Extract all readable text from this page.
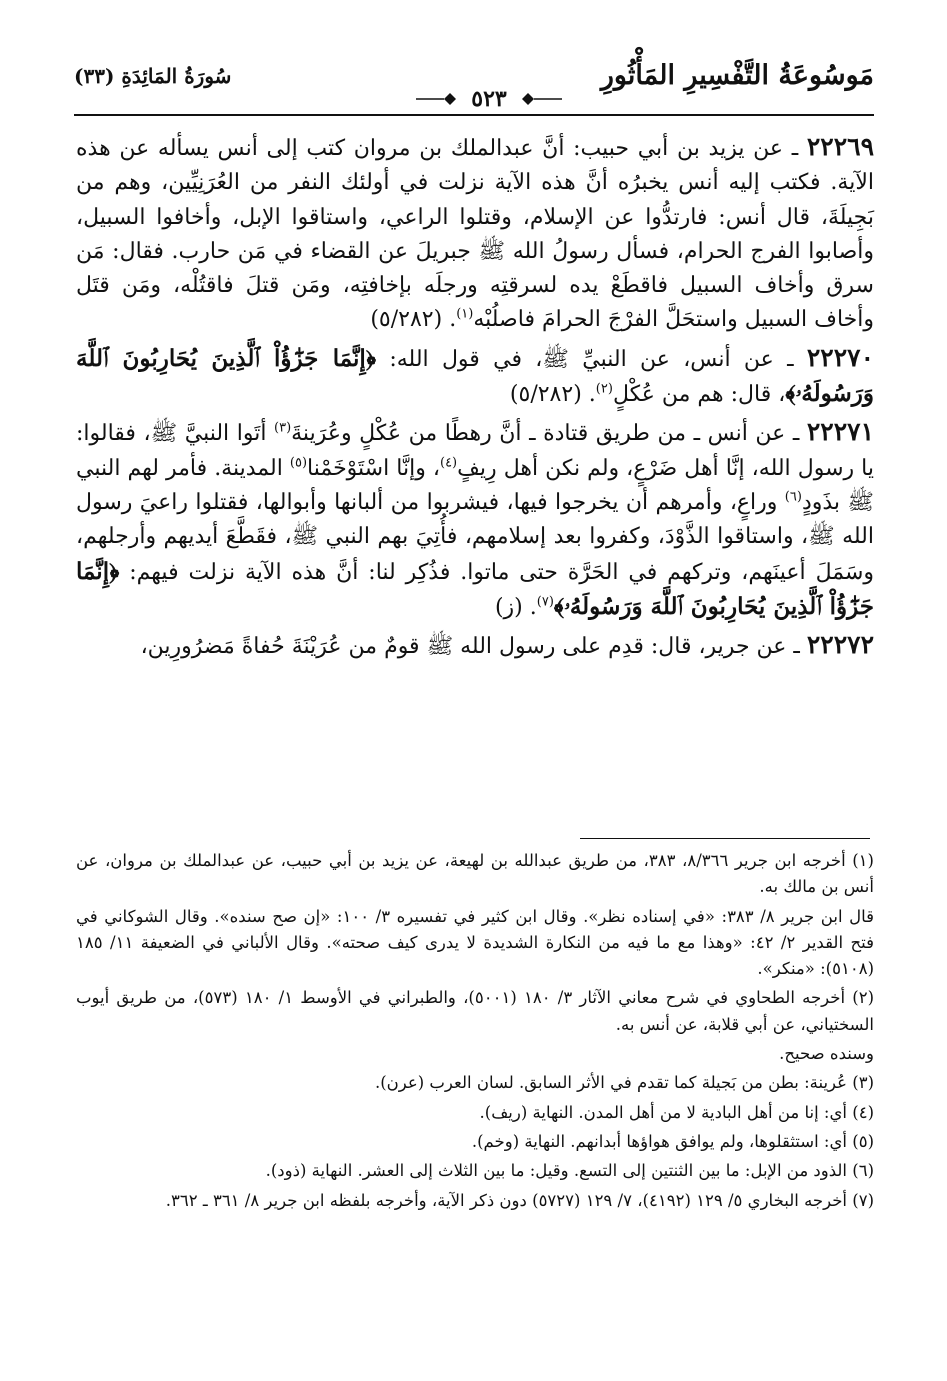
مَوسُوعَةُ التَّفْسِيرِ المَأْثُورِ
٥٢٣
سُورَةُ المَائِدَةِ (٣٣)

٢٢٢٦٩ ـ عن يزيد بن أبي حبيب: أنَّ عبدالملك بن مروان كتب إلى أنس يسأله عن هذه الآية. فكتب إليه أنس يخبرُه أنَّ هذه الآية نزلت في أولئك النفر من العُرَنِيِّين، وهم من بَجِيلَةَ، قال أنس: فارتدُّوا عن الإسلام، وقتلوا الراعي، واستاقوا الإبل، وأخافوا السبيل، وأصابوا الفرج الحرام، فسأل رسولُ الله ﷺ جبريلَ عن القضاء في مَن حارب. فقال: مَن سرق وأخاف السبيل فاقطَعْ يده لسرقتِه ورجلَه بإخافتِه، ومَن قتلَ فاقتُلْه، ومَن قتَل وأخاف السبيل واستحَلَّ الفرْجَ الحرامَ فاصلُبْه$^{(١)}$. (٥/٢٨٢)

٢٢٢٧٠ ـ عن أنس، عن النبيِّ ﷺ، في قول الله: ﴿إِنَّمَا جَزَٰٓؤُاْ ٱلَّذِينَ يُحَارِبُونَ ٱللَّهَ وَرَسُولَهُۥ﴾، قال: هم من عُكْلٍ$^{(٢)}$. (٥/٢٨٢)

٢٢٢٧١ ـ عن أنس ـ من طريق قتادة ـ أنَّ رهطًا من عُكْلٍ وعُرَينةَ$^{(٣)}$ أتَوا النبيَّ ﷺ، فقالوا: يا رسول الله، إنَّا أهل ضَرْعٍ، ولم نكن أهل رِيفٍ$^{(٤)}$، وإنَّا اسْتَوْخَمْنا$^{(٥)}$ المدينة. فأمر لهم النبي ﷺ بذَودٍ$^{(٦)}$ وراعٍ، وأمرهم أن يخرجوا فيها، فيشربوا من ألبانها وأبوالها، فقتلوا راعيَ رسول الله ﷺ، واستاقوا الذَّوْدَ، وكفروا بعد إسلامهم، فأُتِيَ بهم النبي ﷺ، فقَطَّعَ أيديهم وأرجلهم، وسَمَلَ أعينَهم، وتركهم في الحَرَّة حتى ماتوا. فذُكِر لنا: أنَّ هذه الآية نزلت فيهم: ﴿إِنَّمَا جَزَٰٓؤُاْ ٱلَّذِينَ يُحَارِبُونَ ٱللَّهَ وَرَسُولَهُۥ﴾$^{(٧)}$. (ز)

٢٢٢٧٢ ـ عن جرير، قال: قدِم على رسول الله ﷺ قومٌ من عُرَيْنَةَ حُفاةً مَضرُورِين،

(١) أخرجه ابن جرير ٨/٣٦٦، ٣٨٣، من طريق عبدالله بن لهيعة، عن يزيد بن أبي حبيب، عن عبدالملك بن مروان، عن أنس بن مالك به.

قال ابن جرير ٨/ ٣٨٣: «في إسناده نظر». وقال ابن كثير في تفسيره ٣/ ١٠٠: «إن صح سنده». وقال الشوكاني في فتح القدير ٢/ ٤٢: «وهذا مع ما فيه من النكارة الشديدة لا يدرى كيف صحته». وقال الألباني في الضعيفة ١١/ ١٨٥ (٥١٠٨): «منكر».

(٢) أخرجه الطحاوي في شرح معاني الآثار ٣/ ١٨٠ (٥٠٠١)، والطبراني في الأوسط ١/ ١٨٠ (٥٧٣)، من طريق أيوب السختياني، عن أبي قلابة، عن أنس به.

وسنده صحيح.

(٣) عُرينة: بطن من بَجيلة كما تقدم في الأثر السابق. لسان العرب (عرن).

(٤) أي: إنا من أهل البادية لا من أهل المدن. النهاية (ريف).

(٥) أي: استثقلوها، ولم يوافق هواؤها أبدانهم. النهاية (وخم).

(٦) الذود من الإبل: ما بين الثنتين إلى التسع. وقيل: ما بين الثلاث إلى العشر. النهاية (ذود).

(٧) أخرجه البخاري ٥/ ١٢٩ (٤١٩٢)، ٧/ ١٢٩ (٥٧٢٧) دون ذكر الآية، وأخرجه بلفظه ابن جرير ٨/ ٣٦١ ـ ٣٦٢.
